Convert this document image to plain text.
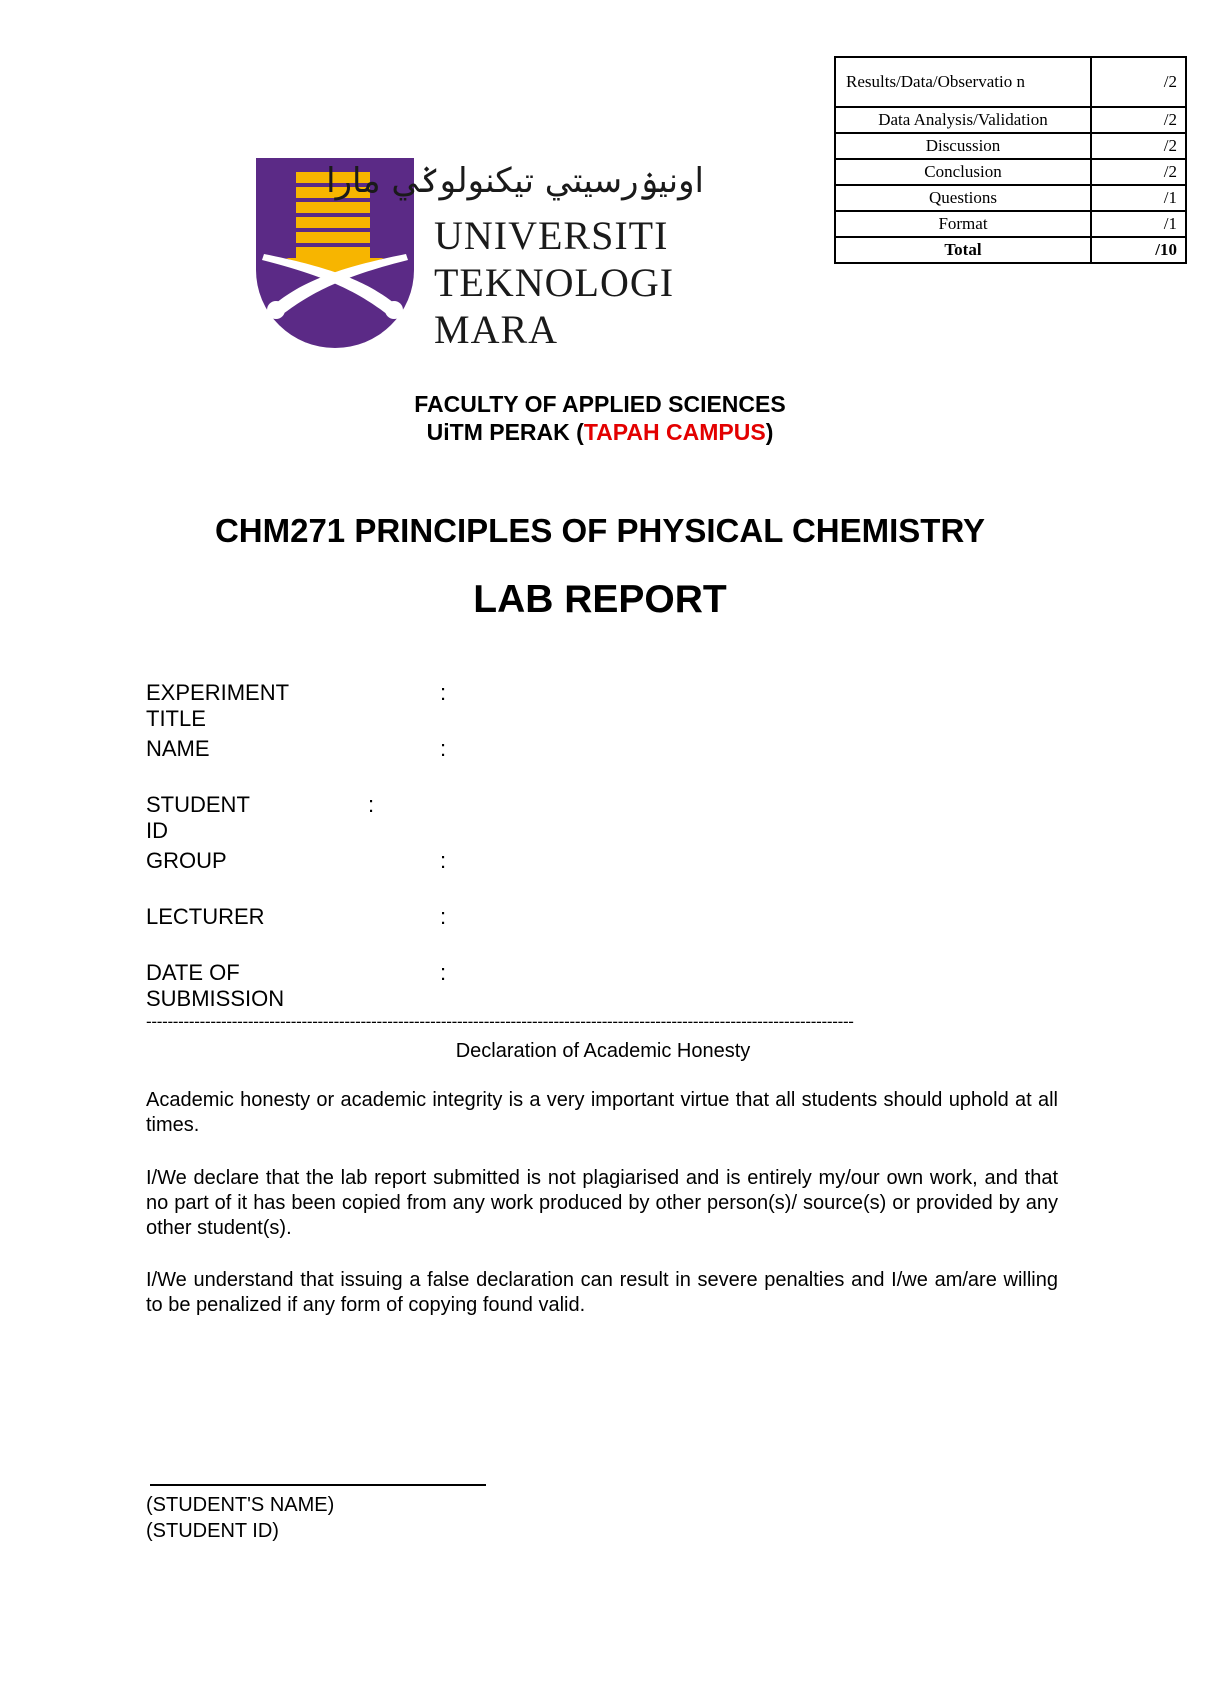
Results/Data/Observatio n	/2
Data Analysis/Validation	/2
Discussion	/2
Conclusion	/2
Questions	/1
Format	/1
Total	/10
اونيۏرسيتي تيکنولوݢي مارا
UNIVERSITI
TEKNOLOGI
MARA
FACULTY OF APPLIED SCIENCES
UiTM PERAK (TAPAH CAMPUS)
CHM271 PRINCIPLES OF PHYSICAL CHEMISTRY
LAB REPORT
EXPERIMENT TITLE
:
NAME	:
STUDENT ID
:
GROUP	:
LECTURER	:
DATE OF SUBMISSION
:
------------------------------------------------------------------------------------------------------------------------------------
Declaration of Academic Honesty
Academic honesty or academic integrity is a very important virtue that all students should uphold at all times.
I/We declare that the lab report submitted is not plagiarised and is entirely my/our own work, and that no part of it has been copied from any work produced by other person(s)/ source(s) or provided by any other student(s).
I/We understand that issuing a false declaration can result in severe penalties and I/we am/are willing to be penalized if any form of copying found valid.
(STUDENT'S NAME)
(STUDENT ID)
